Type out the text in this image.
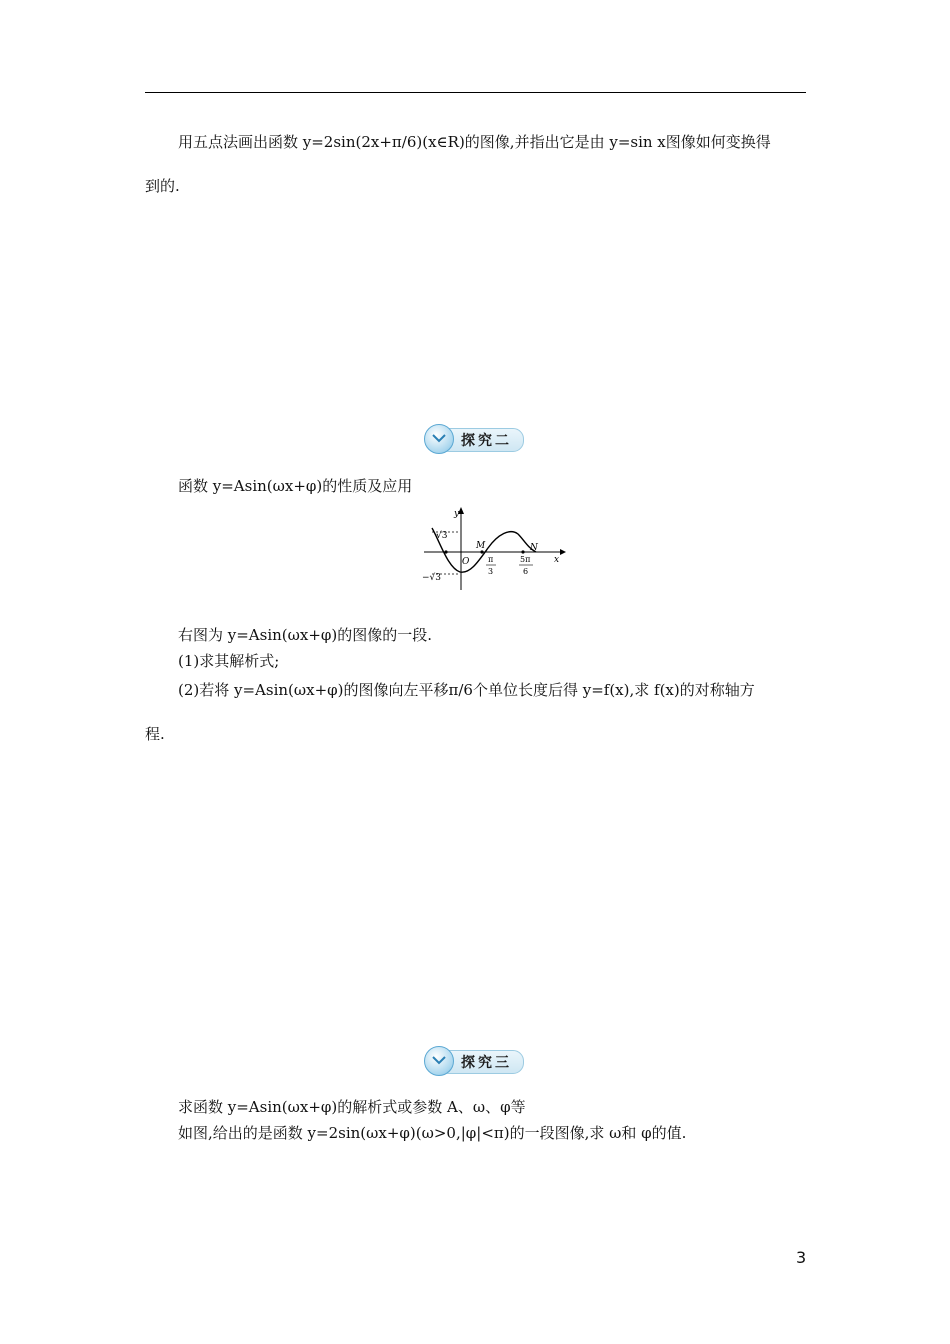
用五点法画出函数 y=2sin(2x+π/6)(x∈R)的图像,并指出它是由 y=sin x图像如何变换得
到的.
探究二
函数 y=Asin(ωx+φ)的性质及应用
y
x
√3
−√3
O
M	N
π
3
5π
6
右图为 y=Asin(ωx+φ)的图像的一段.
(1)求其解析式;
(2)若将 y=Asin(ωx+φ)的图像向左平移π/6个单位长度后得 y=f(x),求 f(x)的对称轴方
程.
探究三
求函数 y=Asin(ωx+φ)的解析式或参数 A、ω、φ等
如图,给出的是函数 y=2sin(ωx+φ)(ω>0,|φ|<π)的一段图像,求 ω和 φ的值.
3
